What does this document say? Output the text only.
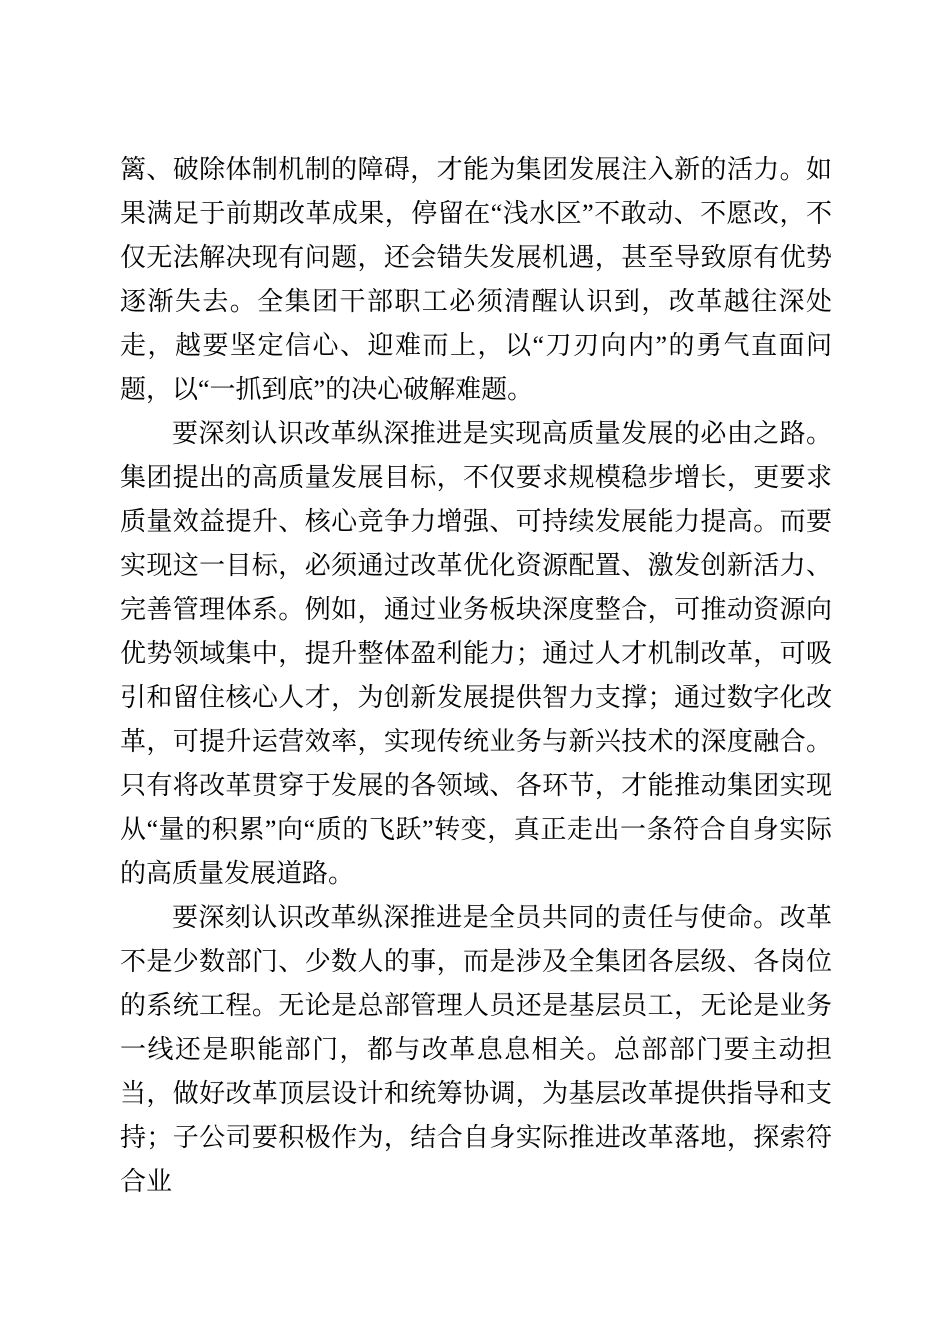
篱、破除体制机制的障碍，才能为集团发展注入新的活力。如果满足于前期改革成果，停留在“浅水区”不敢动、不愿改，不仅无法解决现有问题，还会错失发展机遇，甚至导致原有优势逐渐失去。全集团干部职工必须清醒认识到，改革越往深处走，越要坚定信心、迎难而上，以“刀刃向内”的勇气直面问题，以“一抓到底”的决心破解难题。

要深刻认识改革纵深推进是实现高质量发展的必由之路。集团提出的高质量发展目标，不仅要求规模稳步增长，更要求质量效益提升、核心竞争力增强、可持续发展能力提高。而要实现这一目标，必须通过改革优化资源配置、激发创新活力、完善管理体系。例如，通过业务板块深度整合，可推动资源向优势领域集中，提升整体盈利能力；通过人才机制改革，可吸引和留住核心人才，为创新发展提供智力支撑；通过数字化改革，可提升运营效率，实现传统业务与新兴技术的深度融合。只有将改革贯穿于发展的各领域、各环节，才能推动集团实现从“量的积累”向“质的飞跃”转变，真正走出一条符合自身实际的高质量发展道路。

要深刻认识改革纵深推进是全员共同的责任与使命。改革不是少数部门、少数人的事，而是涉及全集团各层级、各岗位的系统工程。无论是总部管理人员还是基层员工，无论是业务一线还是职能部门，都与改革息息相关。总部部门要主动担当，做好改革顶层设计和统筹协调，为基层改革提供指导和支持；子公司要积极作为，结合自身实际推进改革落地，探索符合业
